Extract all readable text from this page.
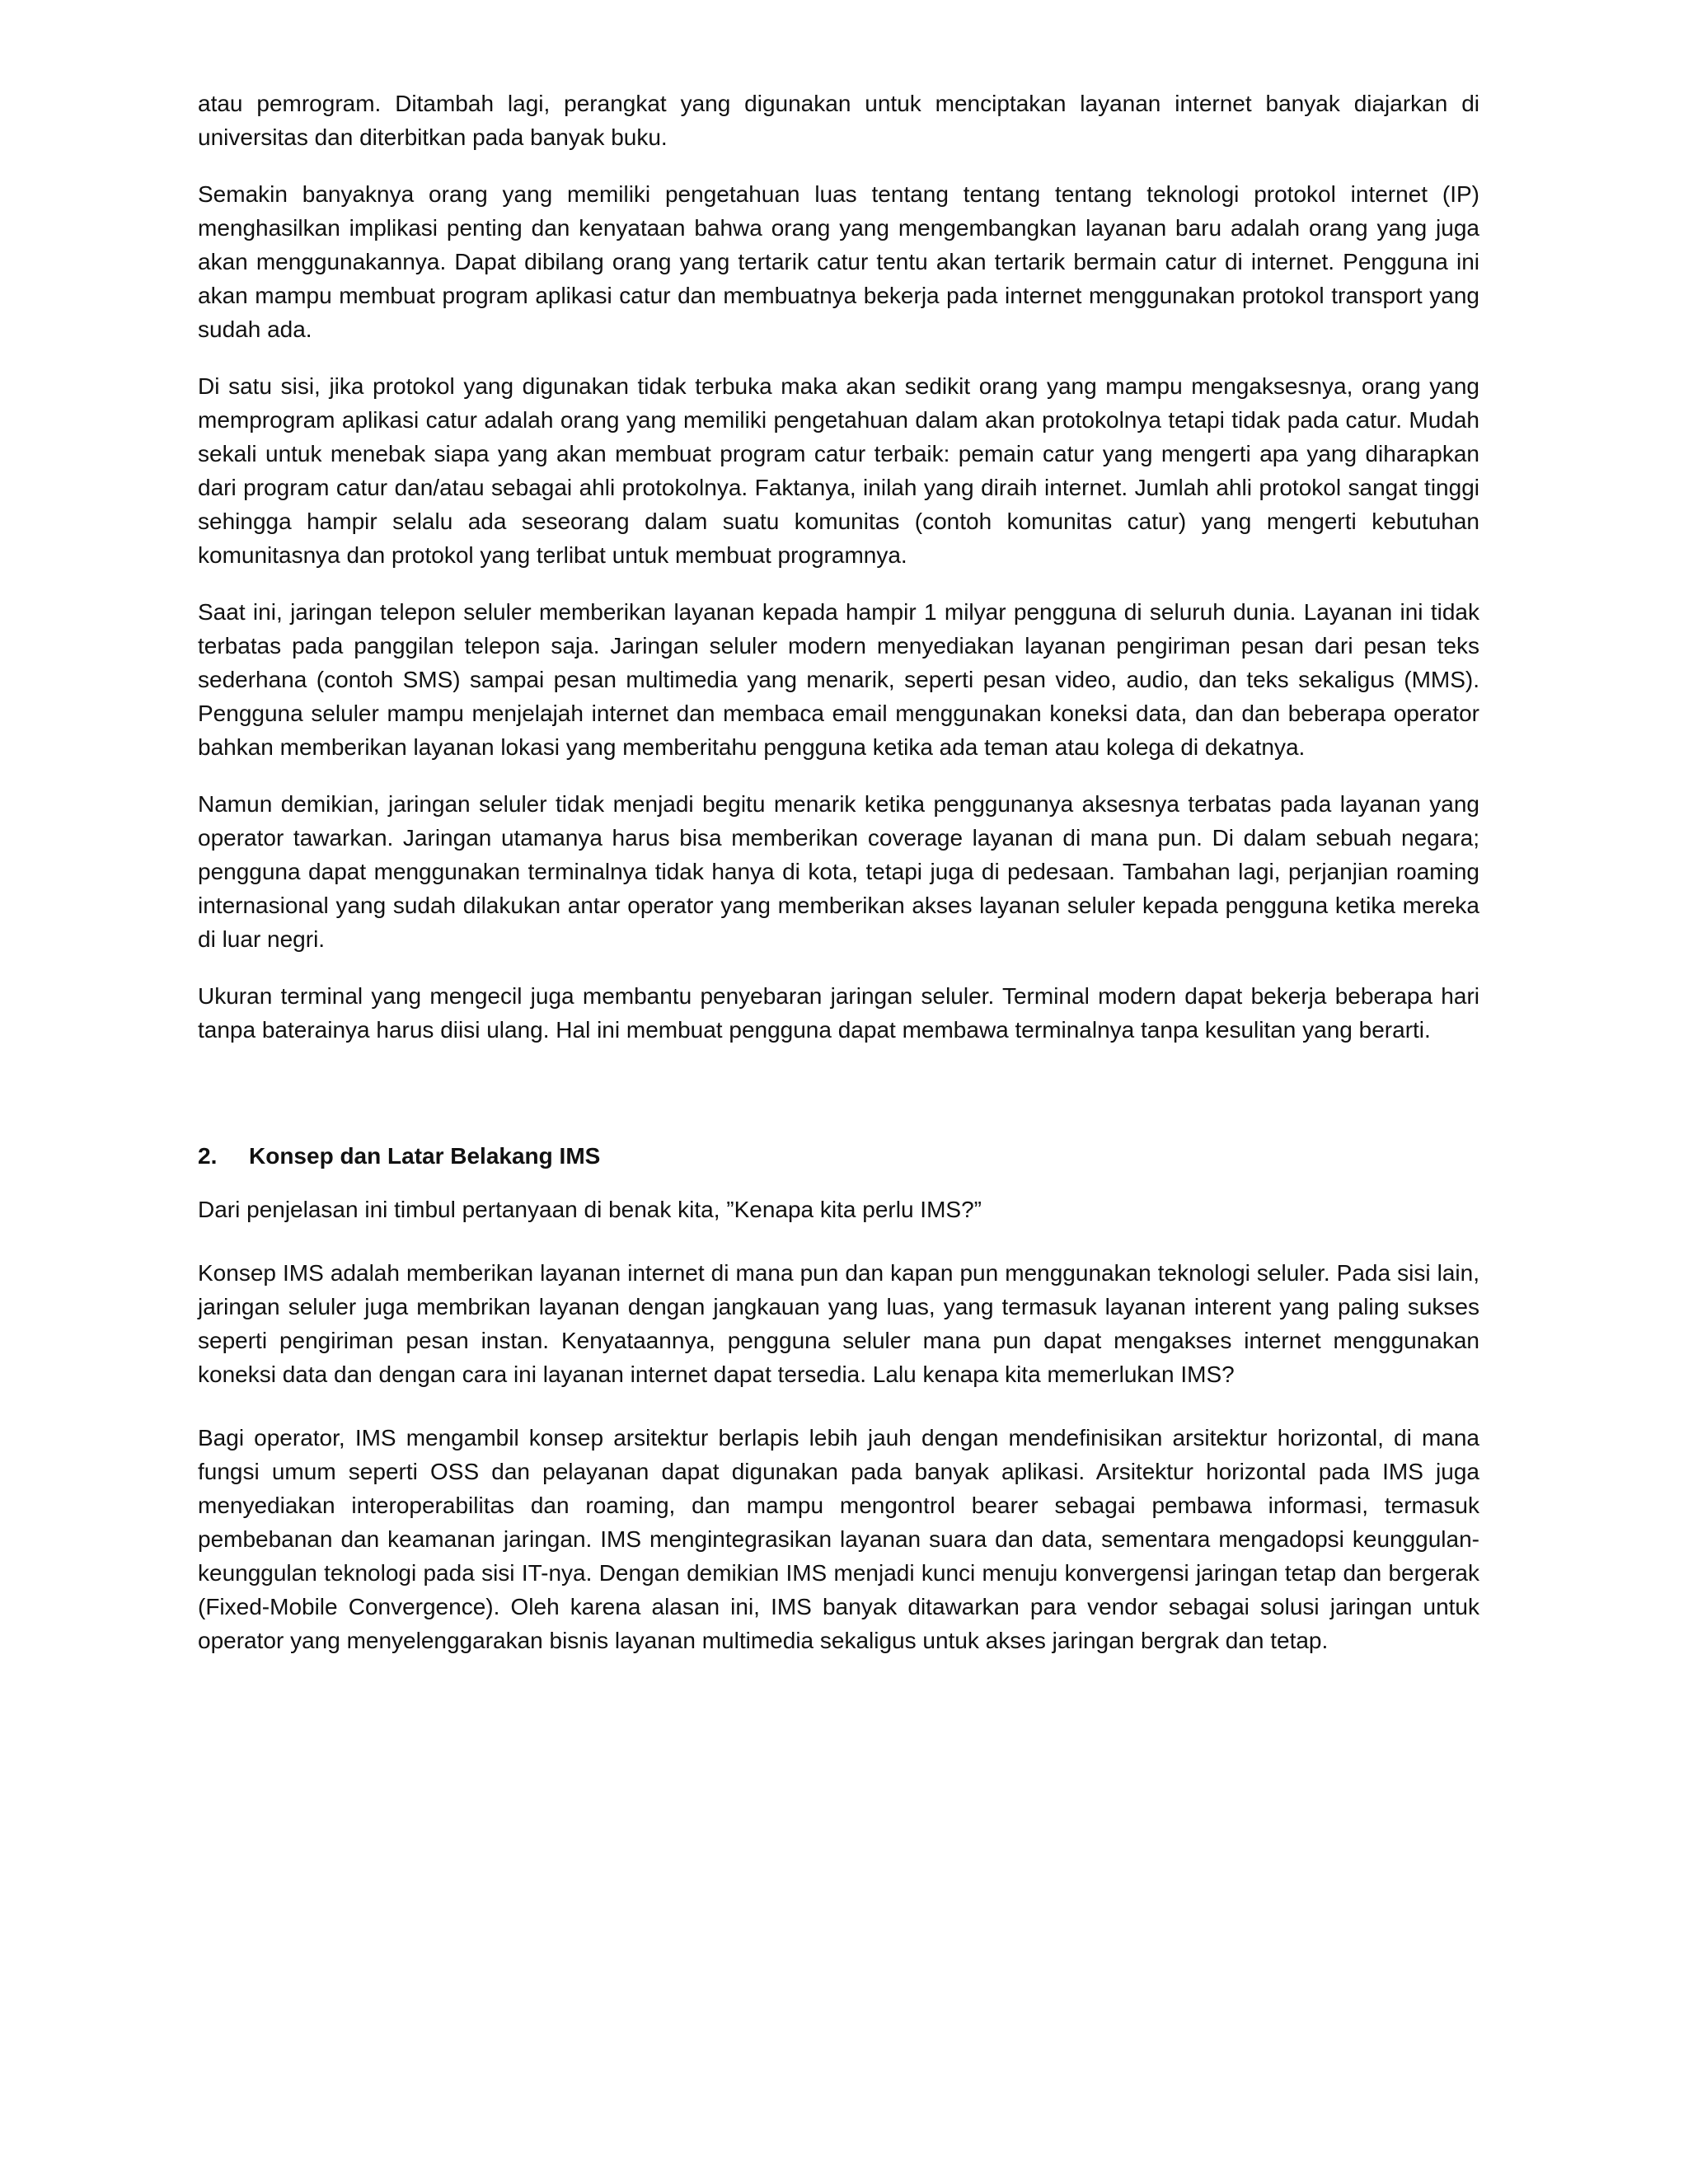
atau pemrogram. Ditambah lagi, perangkat yang digunakan untuk menciptakan layanan internet banyak diajarkan di universitas dan diterbitkan pada banyak buku.

Semakin banyaknya orang yang memiliki pengetahuan luas tentang tentang tentang teknologi protokol internet (IP) menghasilkan implikasi penting dan kenyataan bahwa orang yang mengembangkan layanan baru adalah orang yang juga akan menggunakannya. Dapat dibilang orang yang tertarik catur tentu akan tertarik bermain catur di internet. Pengguna ini akan mampu membuat program aplikasi catur dan membuatnya bekerja pada internet menggunakan protokol transport yang sudah ada.

Di satu sisi, jika protokol yang digunakan tidak terbuka maka akan sedikit orang yang mampu mengaksesnya, orang yang memprogram aplikasi catur adalah orang yang memiliki pengetahuan dalam akan protokolnya tetapi tidak pada catur. Mudah sekali untuk menebak siapa yang akan membuat program catur terbaik: pemain catur yang mengerti apa yang diharapkan dari program catur dan/atau sebagai ahli protokolnya. Faktanya, inilah yang diraih internet. Jumlah ahli protokol sangat tinggi sehingga hampir selalu ada seseorang dalam suatu komunitas (contoh komunitas catur) yang mengerti kebutuhan komunitasnya dan protokol yang terlibat untuk membuat programnya.

Saat ini, jaringan telepon seluler memberikan layanan kepada hampir 1 milyar pengguna di seluruh dunia. Layanan ini tidak terbatas pada panggilan telepon saja. Jaringan seluler modern menyediakan layanan pengiriman pesan dari pesan teks sederhana (contoh SMS) sampai pesan multimedia yang menarik, seperti pesan video, audio, dan teks sekaligus (MMS). Pengguna seluler mampu menjelajah internet dan membaca email menggunakan koneksi data, dan dan beberapa operator bahkan memberikan layanan lokasi yang memberitahu pengguna ketika ada teman atau kolega di dekatnya.

Namun demikian, jaringan seluler tidak menjadi begitu menarik ketika penggunanya aksesnya terbatas pada layanan yang operator tawarkan. Jaringan utamanya harus bisa memberikan coverage layanan di mana pun. Di dalam sebuah negara; pengguna dapat menggunakan terminalnya tidak hanya di kota, tetapi juga di pedesaan. Tambahan lagi, perjanjian roaming internasional yang sudah dilakukan antar operator yang memberikan akses layanan seluler kepada pengguna ketika mereka di luar negri.

Ukuran terminal yang mengecil juga membantu penyebaran jaringan seluler. Terminal modern dapat bekerja beberapa hari tanpa baterainya harus diisi ulang. Hal ini membuat pengguna dapat membawa terminalnya tanpa kesulitan yang berarti.

2.	Konsep dan Latar Belakang IMS

Dari penjelasan ini timbul pertanyaan di benak kita, ”Kenapa kita perlu IMS?”

Konsep IMS adalah memberikan layanan internet di mana pun dan kapan pun menggunakan teknologi seluler. Pada sisi lain, jaringan seluler juga membrikan layanan dengan jangkauan yang luas, yang termasuk layanan interent yang paling sukses seperti pengiriman pesan instan. Kenyataannya, pengguna seluler mana pun dapat mengakses internet menggunakan koneksi data dan dengan cara ini layanan internet dapat tersedia. Lalu kenapa kita memerlukan IMS?

Bagi operator, IMS mengambil konsep arsitektur berlapis lebih jauh dengan mendefinisikan arsitektur horizontal, di mana fungsi umum seperti OSS dan pelayanan dapat digunakan pada banyak aplikasi. Arsitektur horizontal pada IMS juga menyediakan interoperabilitas dan roaming, dan mampu mengontrol bearer sebagai pembawa informasi, termasuk pembebanan dan keamanan jaringan. IMS mengintegrasikan layanan suara dan data, sementara mengadopsi keunggulan-keunggulan teknologi pada sisi IT-nya. Dengan demikian IMS menjadi kunci menuju konvergensi jaringan tetap dan bergerak (Fixed-Mobile Convergence). Oleh karena alasan ini, IMS banyak ditawarkan para vendor sebagai solusi jaringan untuk operator yang menyelenggarakan bisnis layanan multimedia sekaligus untuk akses jaringan bergrak dan tetap.
